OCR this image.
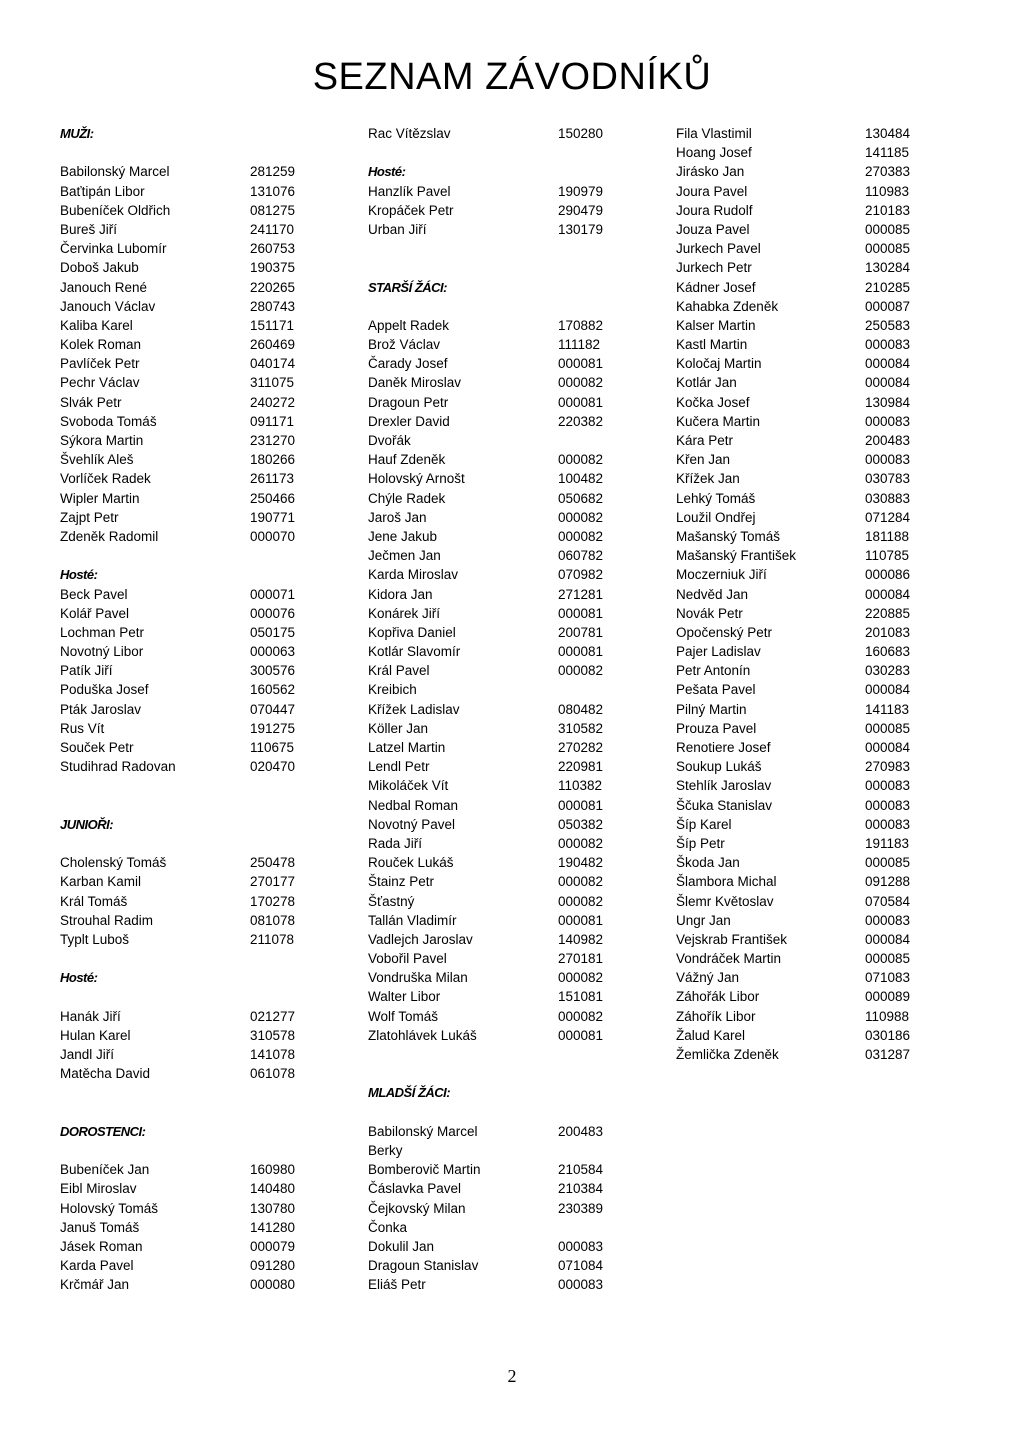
SEZNAM ZÁVODNÍKŮ
MUŽI:
Babilonský Marcel	281259
Baťtipán Libor	131076
Bubeníček Oldřich	081275
Bureš Jiří	241170
Červinka Lubomír	260753
Doboš Jakub	190375
Janouch René	220265
Janouch Václav	280743
Kaliba Karel	151171
Kolek Roman	260469
Pavlíček Petr	040174
Pechr Václav	311075
Slvák Petr	240272
Svoboda Tomáš	091171
Sýkora Martin	231270
Švehlík Aleš	180266
Vorlíček Radek	261173
Wipler Martin	250466
Zajpt Petr	190771
Zdeněk Radomil	000070
Hosté:
Beck Pavel	000071
Kolář Pavel	000076
Lochman Petr	050175
Novotný Libor	000063
Patík Jiří	300576
Poduška Josef	160562
Pták Jaroslav	070447
Rus Vít	191275
Souček Petr	110675
Studihrad Radovan	020470
JUNIOŘI:
Cholenský Tomáš	250478
Karban Kamil	270177
Král Tomáš	170278
Strouhal Radim	081078
Typlt Luboš	211078
Hosté:
Hanák Jiří	021277
Hulan Karel	310578
Jandl Jiří	141078
Matěcha David	061078
DOROSTENCI:
Bubeníček Jan	160980
Eibl Miroslav	140480
Holovský Tomáš	130780
Januš Tomáš	141280
Jásek Roman	000079
Karda Pavel	091280
Krčmář Jan	000080
Rac Vítězslav	150280
Hosté:
Hanzlík Pavel	190979
Kropáček Petr	290479
Urban Jiří	130179
STARŠÍ ŽÁCI:
Appelt Radek	170882
Brož Václav	111182
Čarady Josef	000081
Daněk Miroslav	000082
Dragoun Petr	000081
Drexler David	220382
Dvořák
Hauf Zdeněk	000082
Holovský Arnošt	100482
Chýle Radek	050682
Jaroš Jan	000082
Jene Jakub	000082
Ječmen Jan	060782
Karda Miroslav	070982
Kidora Jan	271281
Konárek Jiří	000081
Kopřiva Daniel	200781
Kotlár Slavomír	000081
Král Pavel	000082
Kreibich
Křížek Ladislav	080482
Köller Jan	310582
Latzel Martin	270282
Lendl Petr	220981
Mikoláček Vít	110382
Nedbal Roman	000081
Novotný Pavel	050382
Rada Jiří	000082
Rouček Lukáš	190482
Štainz Petr	000082
Šťastný	000082
Tallán Vladimír	000081
Vadlejch Jaroslav	140982
Vobořil Pavel	270181
Vondruška Milan	000082
Walter Libor	151081
Wolf Tomáš	000082
Zlatohlávek Lukáš	000081
MLADŠÍ ŽÁCI:
Babilonský Marcel	200483
Berky
Bomberovič Martin	210584
Čáslavka Pavel	210384
Čejkovský Milan	230389
Čonka
Dokulil Jan	000083
Dragoun Stanislav	071084
Eliáš Petr	000083
Fila Vlastimil	130484
Hoang Josef	141185
Jirásko Jan	270383
Joura Pavel	110983
Joura Rudolf	210183
Jouza Pavel	000085
Jurkech Pavel	000085
Jurkech Petr	130284
Kádner Josef	210285
Kahabka Zdeněk	000087
Kalser Martin	250583
Kastl Martin	000083
Koločaj Martin	000084
Kotlár Jan	000084
Kočka Josef	130984
Kučera Martin	000083
Kára Petr	200483
Křen Jan	000083
Křížek Jan	030783
Lehký Tomáš	030883
Loužil Ondřej	071284
Mašanský Tomáš	181188
Mašanský František	110785
Moczerniuk Jiří	000086
Nedvěd Jan	000084
Novák Petr	220885
Opočenský Petr	201083
Pajer Ladislav	160683
Petr Antonín	030283
Pešata Pavel	000084
Pilný Martin	141183
Prouza Pavel	000085
Renotiere Josef	000084
Soukup Lukáš	270983
Stehlík Jaroslav	000083
Ščuka Stanislav	000083
Šíp Karel	000083
Šíp Petr	191183
Škoda Jan	000085
Šlambora Michal	091288
Šlemr Květoslav	070584
Ungr Jan	000083
Vejskrab František	000084
Vondráček Martin	000085
Vážný Jan	071083
Záhořák Libor	000089
Záhořík Libor	110988
Žalud Karel	030186
Žemlička Zdeněk	031287
2
